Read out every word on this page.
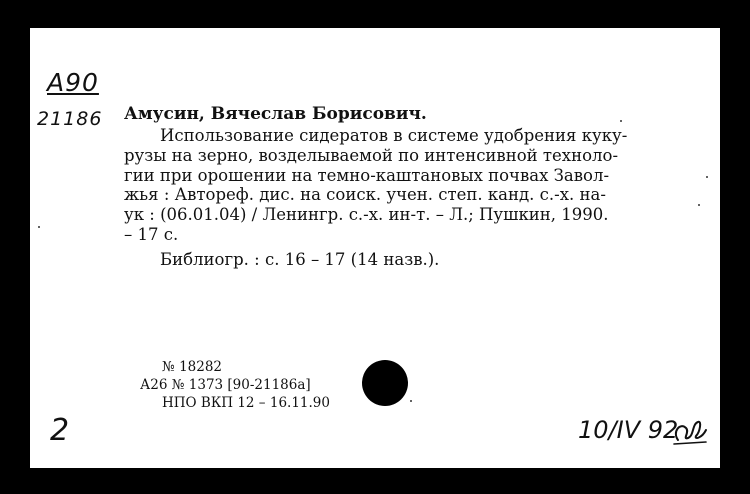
A90

21186 Амусин, Вячеслав Борисович.

Использование сидератов в системе удобрения куку-
рузы на зерно, возделываемой по интенсивной техноло-
гии при орошении на темно-каштановых почвах Завол-
жья : Автореф. дис. на соиск. учен. степ. канд. с.-х. на-
ук : (06.01.04) / Ленингр. с.-х. ин-т. – Л.; Пушкин, 1990.
– 17 с.

Библиогр. : с. 16 – 17 (14 назв.).

№ 18282
А26 № 1373 [90-21186а]
НПО ВКП 12 – 16.11.90

2	10/IV 92
